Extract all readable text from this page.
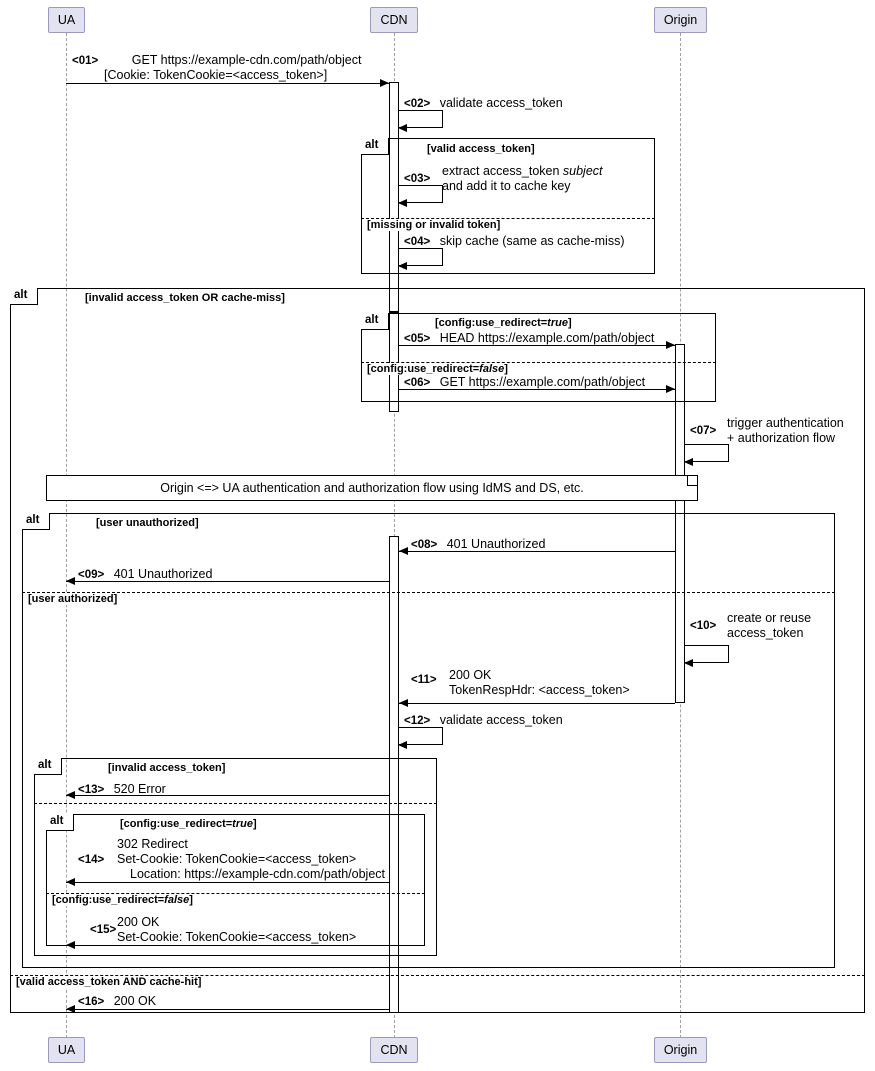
UA	CDN	Origin
UA	CDN	Origin
<01>	GET https://example-cdn.com/path/object
[Cookie: TokenCookie=<access_token>]
<02> validate access_token
alt	[valid access_token]
[missing or invalid token]
<03>
extract access_token subject
and add it to cache key
<04> skip cache (same as cache-miss)
alt	[invalid access_token OR cache-miss]
[valid access_token AND cache-hit]
alt	[config:use_redirect=true]
[config:use_redirect=false]
<05> HEAD https://example.com/path/object
<06> GET https://example.com/path/object
<07>
trigger authentication
+ authorization flow
Origin <=> UA authentication and authorization flow using IdMS and DS, etc.
alt	[user unauthorized]
[user authorized]
<08> 401 Unauthorized
<09> 401 Unauthorized
<10>
create or reuse
access_token
<11> 200 OK
TokenRespHdr: <access_token>
<12> validate access_token
alt	[invalid access_token]
<13> 520 Error
alt	[config:use_redirect=true]
[config:use_redirect=false]
<14>
302 Redirect
Set-Cookie: TokenCookie=<access_token>
Location: https://example-cdn.com/path/object
<15>
200 OK
Set-Cookie: TokenCookie=<access_token>
<16> 200 OK
